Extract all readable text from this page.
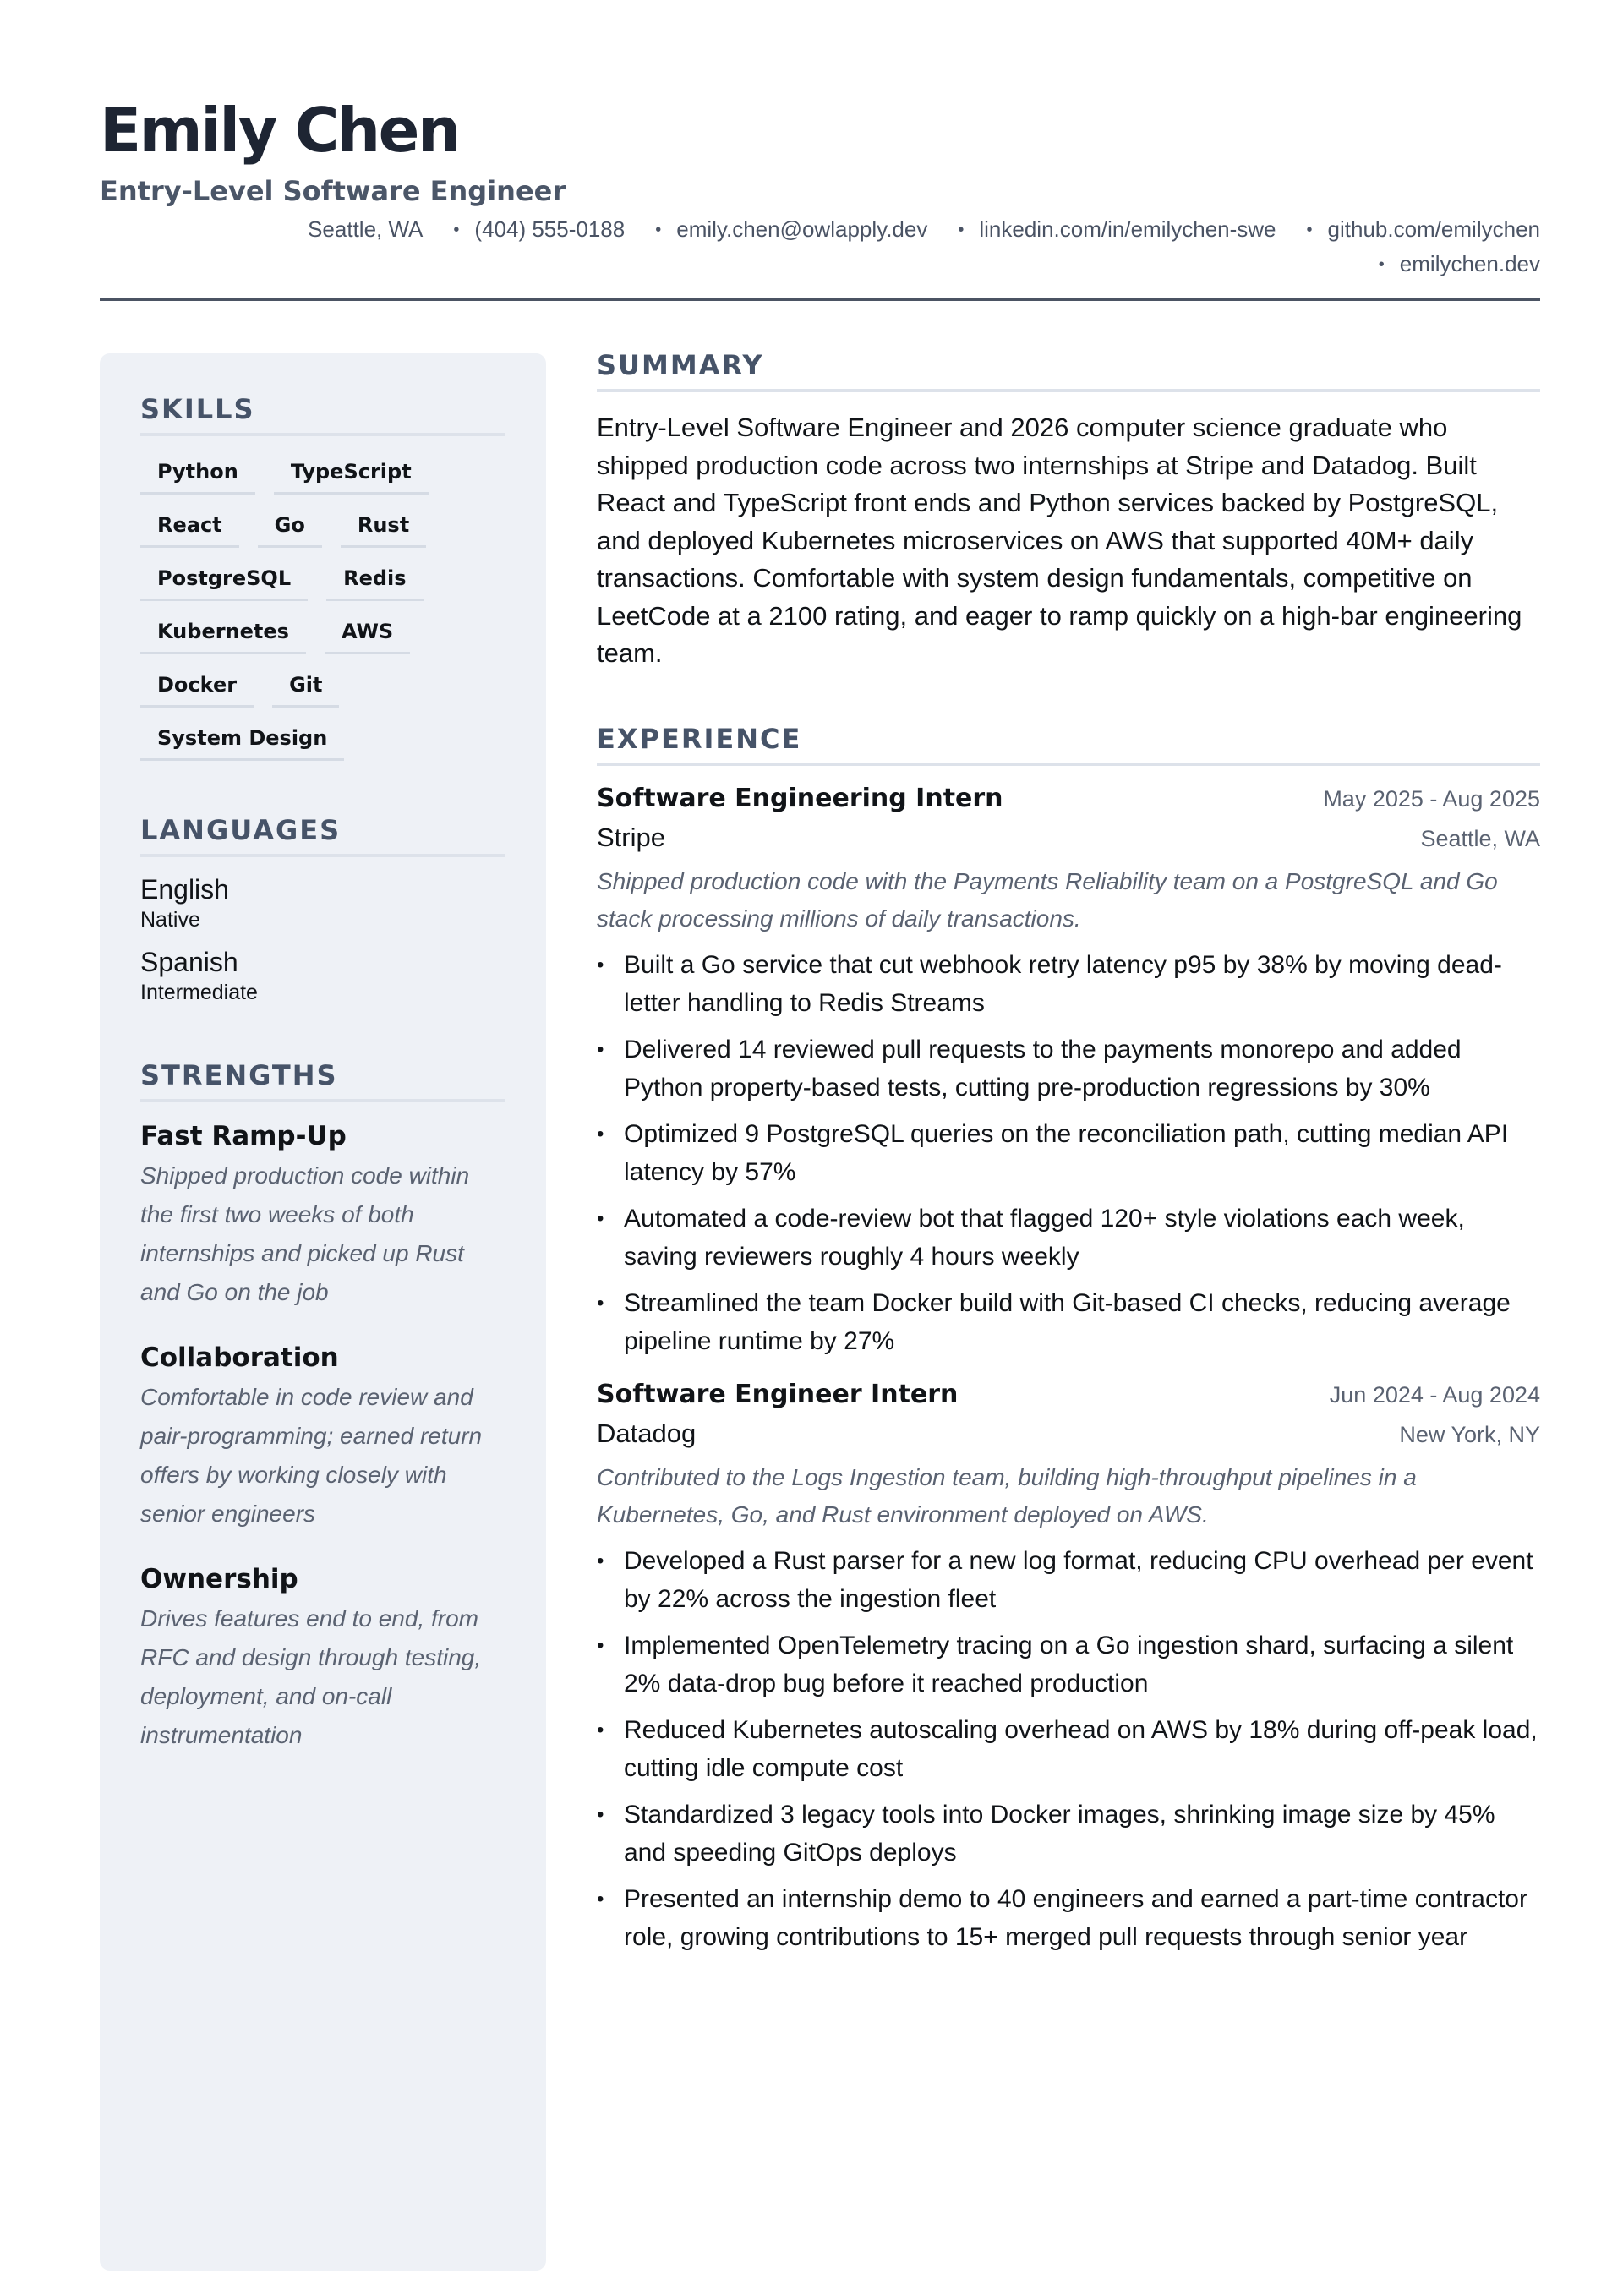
Emily Chen
Entry-Level Software Engineer
Seattle, WA	• (404) 555-0188	• emily.chen@owlapply.dev	• linkedin.com/in/emilychen-swe	• github.com/emilychen
• emilychen.dev
SKILLS
Python	TypeScript
React	Go	Rust
PostgreSQL	Redis
Kubernetes	AWS
Docker	Git
System Design
LANGUAGES
English
Native
Spanish
Intermediate
STRENGTHS
Fast Ramp-Up
Shipped production code within the first two weeks of both internships and picked up Rust and Go on the job
Collaboration
Comfortable in code review and pair-programming; earned return offers by working closely with senior engineers
Ownership
Drives features end to end, from RFC and design through testing, deployment, and on-call instrumentation
SUMMARY

Entry-Level Software Engineer and 2026 computer science graduate who shipped production code across two internships at Stripe and Datadog. Built React and TypeScript front ends and Python services backed by PostgreSQL, and deployed Kubernetes microservices on AWS that supported 40M+ daily transactions. Comfortable with system design fundamentals, competitive on LeetCode at a 2100 rating, and eager to ramp quickly on a high-bar engineering team.

EXPERIENCE
Software Engineering Intern	May 2025 - Aug 2025
Stripe	Seattle, WA

Shipped production code with the Payments Reliability team on a PostgreSQL and Go stack processing millions of daily transactions.

• Built a Go service that cut webhook retry latency p95 by 38% by moving dead-letter handling to Redis Streams
• Delivered 14 reviewed pull requests to the payments monorepo and added Python property-based tests, cutting pre-production regressions by 30%
• Optimized 9 PostgreSQL queries on the reconciliation path, cutting median API latency by 57%
• Automated a code-review bot that flagged 120+ style violations each week, saving reviewers roughly 4 hours weekly
• Streamlined the team Docker build with Git-based CI checks, reducing average pipeline runtime by 27%
Software Engineer Intern	Jun 2024 - Aug 2024
Datadog	New York, NY

Contributed to the Logs Ingestion team, building high-throughput pipelines in a Kubernetes, Go, and Rust environment deployed on AWS.

• Developed a Rust parser for a new log format, reducing CPU overhead per event by 22% across the ingestion fleet
• Implemented OpenTelemetry tracing on a Go ingestion shard, surfacing a silent 2% data-drop bug before it reached production
• Reduced Kubernetes autoscaling overhead on AWS by 18% during off-peak load, cutting idle compute cost
• Standardized 3 legacy tools into Docker images, shrinking image size by 45% and speeding GitOps deploys
• Presented an internship demo to 40 engineers and earned a part-time contractor role, growing contributions to 15+ merged pull requests through senior year
